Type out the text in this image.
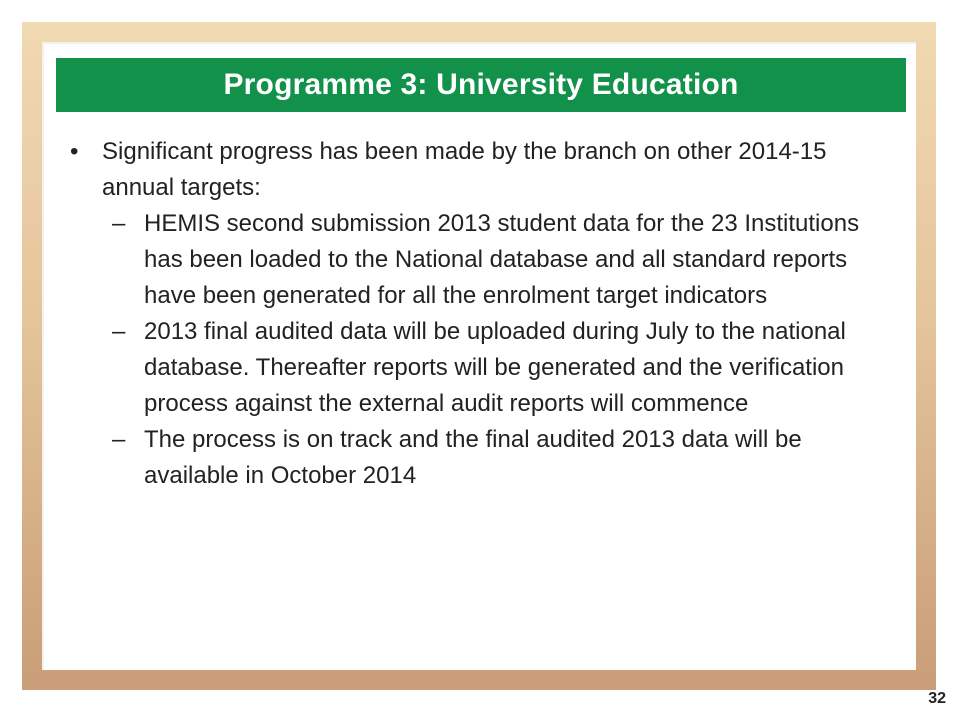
Programme 3: University Education
• Significant progress has been made by the branch on other 2014-15 annual targets:
– HEMIS second submission 2013 student data for the 23 Institutions has been loaded to the National database and all standard reports have been generated for all the enrolment target indicators
– 2013 final audited data will be uploaded during July to the national database. Thereafter reports will be generated and the verification process against the external audit reports will commence
– The process is on track and the final audited 2013 data will be available in October 2014
32
